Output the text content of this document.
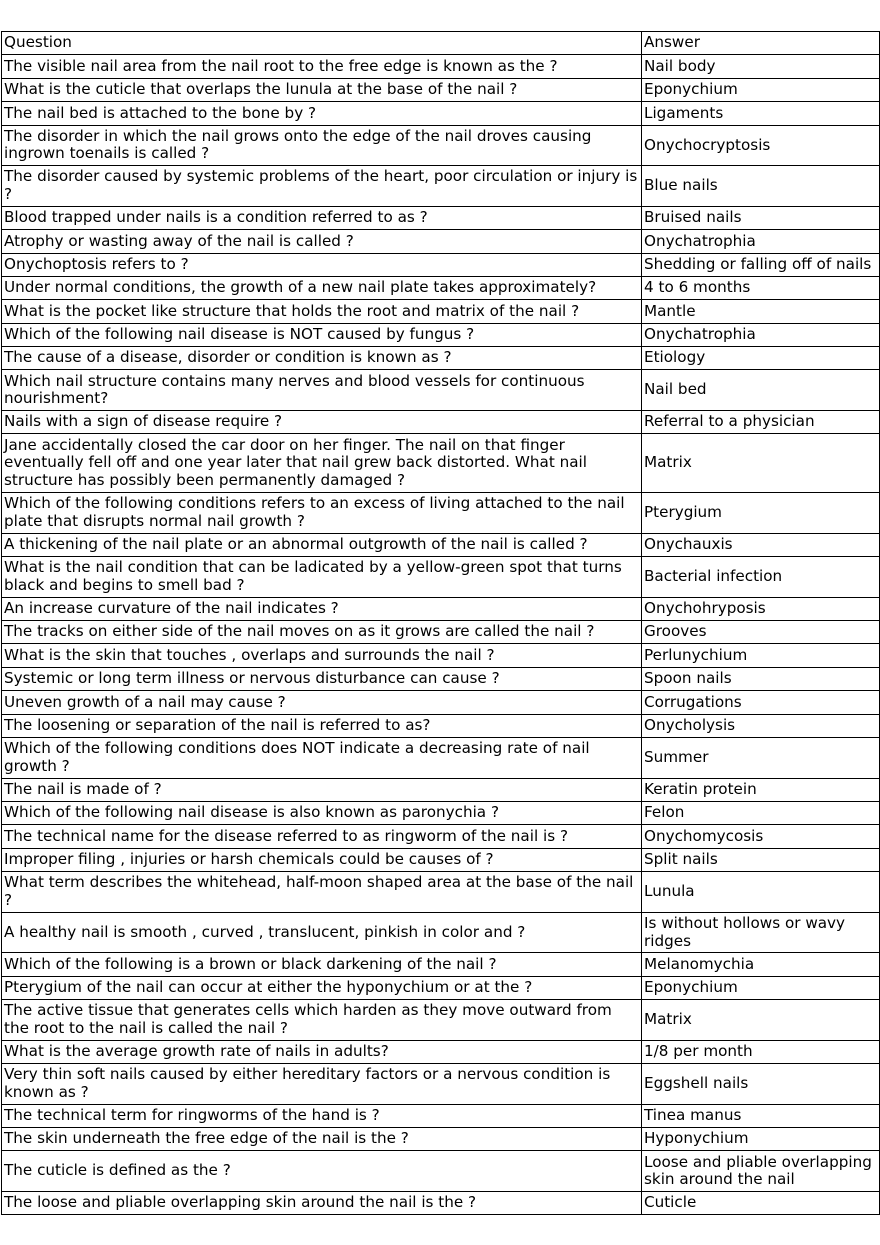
Question	Answer
The visible nail area from the nail root to the free edge is known as the ?	Nail body
What is the cuticle that overlaps the lunula at the base of the nail ?	Eponychium
The nail bed is attached to the bone by ?	Ligaments
The disorder in which the nail grows onto the edge of the nail droves causing ingrown toenails is called ?	Onychocryptosis
The disorder caused by systemic problems of the heart, poor circulation or injury is ?	Blue nails
Blood trapped under nails is a condition referred to as ?	Bruised nails
Atrophy or wasting away of the nail is called ?	Onychatrophia
Onychoptosis refers to ?	Shedding or falling off of nails
Under normal conditions, the growth of a new nail plate takes approximately?	4 to 6 months
What is the pocket like structure that holds the root and matrix of the nail ?	Mantle
Which of the following nail disease is NOT caused by fungus ?	Onychatrophia
The cause of a disease, disorder or condition is known as ?	Etiology
Which nail structure contains many nerves and blood vessels for continuous nourishment?	Nail bed
Nails with a sign of disease require ?	Referral to a physician
Jane accidentally closed the car door on her finger. The nail on that finger eventually fell off and one year later that nail grew back distorted. What nail structure has possibly been permanently damaged ?	Matrix
Which of the following conditions refers to an excess of living attached to the nail plate that disrupts normal nail growth ?	Pterygium
A thickening of the nail plate or an abnormal outgrowth of the nail is called ?	Onychauxis
What is the nail condition that can be ladicated by a yellow-green spot that turns black and begins to smell bad ?	Bacterial infection
An increase curvature of the nail indicates ?	Onychohryposis
The tracks on either side of the nail moves on as it grows are called the nail ?	Grooves
What is the skin that touches , overlaps and surrounds the nail ?	Perlunychium
Systemic or long term illness or nervous disturbance can cause ?	Spoon nails
Uneven growth of a nail may cause ?	Corrugations
The loosening or separation of the nail is referred to as?	Onycholysis
Which of the following conditions does NOT indicate a decreasing rate of nail growth ?	Summer
The nail is made of ?	Keratin protein
Which of the following nail disease is also known as paronychia ?	Felon
The technical name for the disease referred to as ringworm of the nail is ?	Onychomycosis
Improper filing , injuries or harsh chemicals could be causes of ?	Split nails
What term describes the whitehead, half-moon shaped area at the base of the nail ?	Lunula
A healthy nail is smooth , curved , translucent, pinkish in color and ?	Is without hollows or wavy ridges
Which of the following is a brown or black darkening of the nail ?	Melanomychia
Pterygium of the nail can occur at either the hyponychium or at the ?	Eponychium
The active tissue that generates cells which harden as they move outward from the root to the nail is called the nail ?	Matrix
What is the average growth rate of nails in adults?	1/8 per month
Very thin soft nails caused by either hereditary factors or a nervous condition is known as ?	Eggshell nails
The technical term for ringworms of the hand is ?	Tinea manus
The skin underneath the free edge of the nail is the ?	Hyponychium
The cuticle is defined as the ?	Loose and pliable overlapping skin around the nail
The loose and pliable overlapping skin around the nail is the ?	Cuticle
